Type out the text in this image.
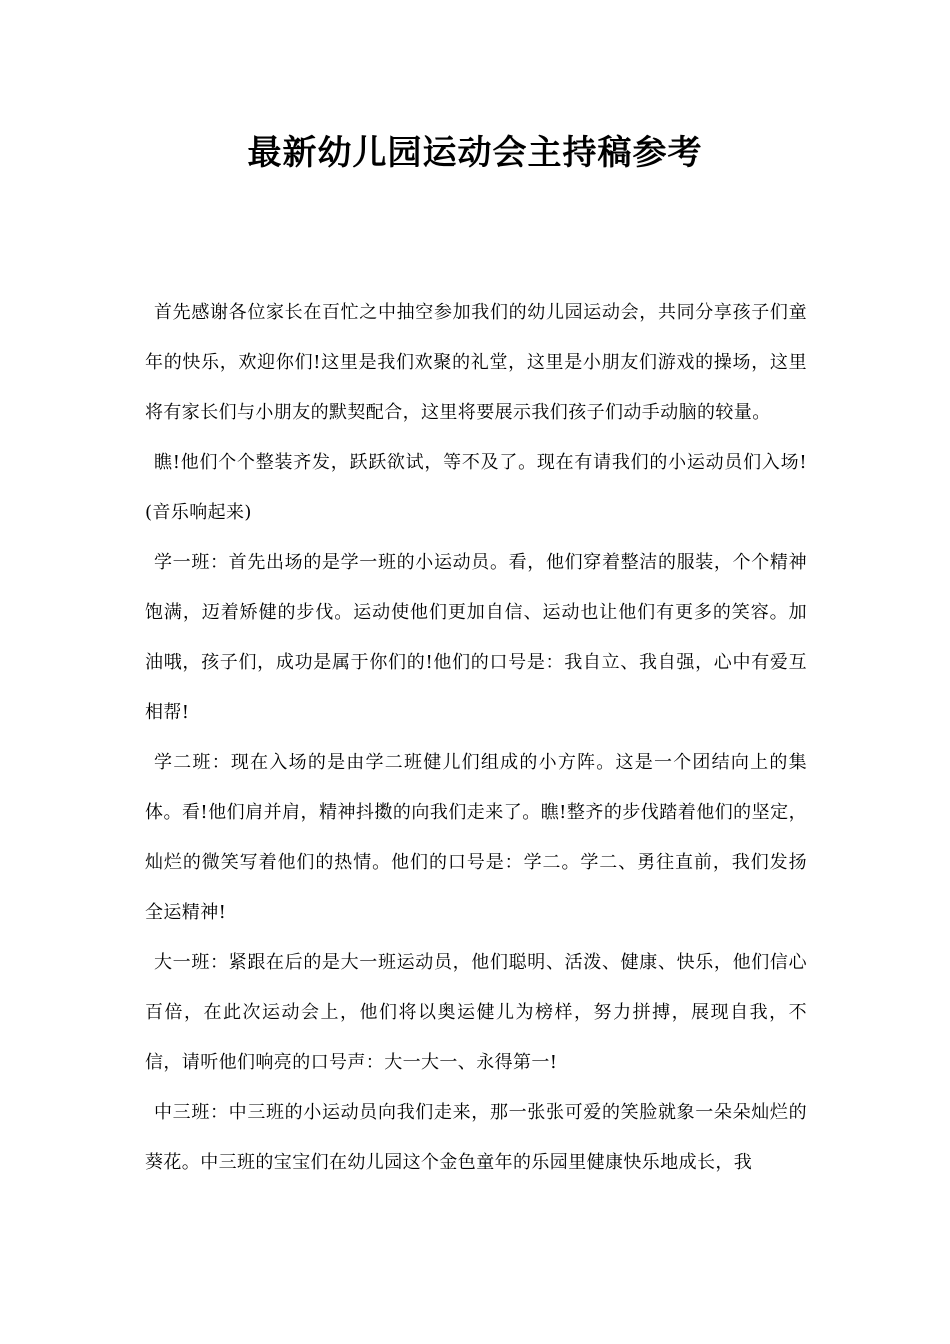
最新幼儿园运动会主持稿参考

首先感谢各位家长在百忙之中抽空参加我们的幼儿园运动会，共同分享孩子们童年的快乐，欢迎你们!这里是我们欢聚的礼堂，这里是小朋友们游戏的操场，这里将有家长们与小朋友的默契配合，这里将要展示我们孩子们动手动脑的较量。

瞧!他们个个整装齐发，跃跃欲试，等不及了。现在有请我们的小运动员们入场!(音乐响起来)

学一班：首先出场的是学一班的小运动员。看，他们穿着整洁的服装，个个精神饱满，迈着矫健的步伐。运动使他们更加自信、运动也让他们有更多的笑容。加油哦，孩子们，成功是属于你们的!他们的口号是：我自立、我自强，心中有爱互相帮!

学二班：现在入场的是由学二班健儿们组成的小方阵。这是一个团结向上的集体。看!他们肩并肩，精神抖擞的向我们走来了。瞧!整齐的步伐踏着他们的坚定，灿烂的微笑写着他们的热情。他们的口号是：学二。学二、勇往直前，我们发扬全运精神!

大一班：紧跟在后的是大一班运动员，他们聪明、活泼、健康、快乐，他们信心百倍，在此次运动会上，他们将以奥运健儿为榜样，努力拼搏，展现自我，不信，请听他们响亮的口号声：大一大一、永得第一!

中三班：中三班的小运动员向我们走来，那一张张可爱的笑脸就象一朵朵灿烂的葵花。中三班的宝宝们在幼儿园这个金色童年的乐园里健康快乐地成长，我
